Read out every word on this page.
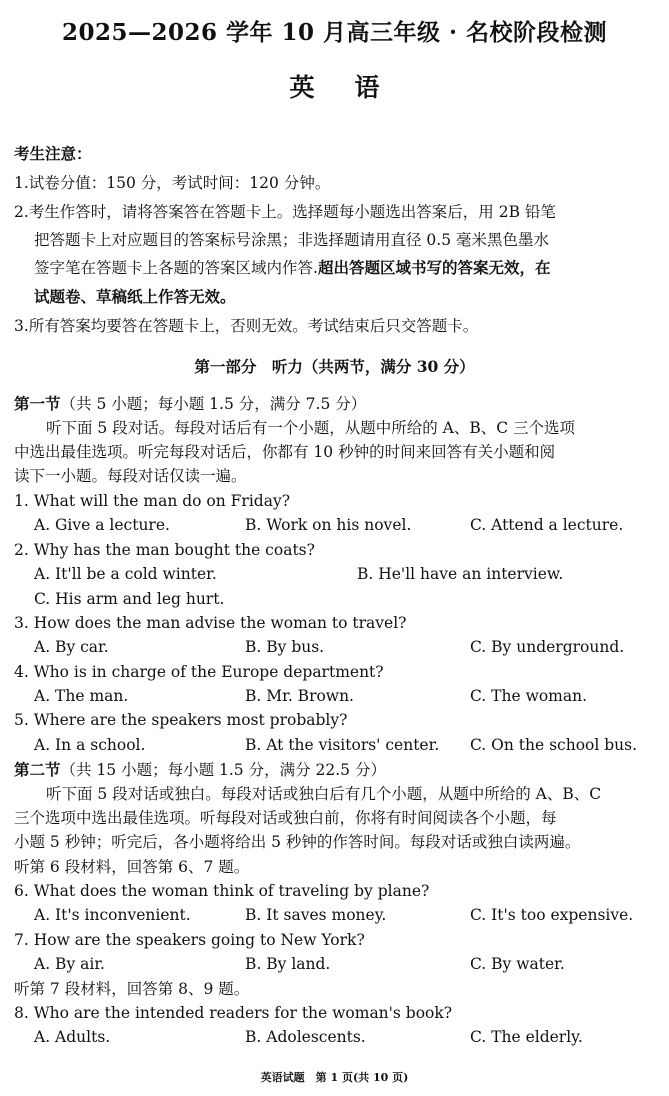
2025—2026 学年 10 月高三年级 · 名校阶段检测
英语
考生注意：
1.试卷分值：150 分，考试时间：120 分钟。
2.考生作答时，请将答案答在答题卡上。选择题每小题选出答案后，用 2B 铅笔
把答题卡上对应题目的答案标号涂黑；非选择题请用直径 0.5 毫米黑色墨水
签字笔在答题卡上各题的答案区域内作答.超出答题区域书写的答案无效，在
试题卷、草稿纸上作答无效。
3.所有答案均要答在答题卡上，否则无效。考试结束后只交答题卡。
第一部分　听力（共两节，满分 30 分）
第一节（共 5 小题；每小题 1.5 分，满分 7.5 分）
听下面 5 段对话。每段对话后有一个小题，从题中所给的 A、B、C 三个选项
中选出最佳选项。听完每段对话后，你都有 10 秒钟的时间来回答有关小题和阅
读下一小题。每段对话仅读一遍。
1. What will the man do on Friday?
A. Give a lecture.	B. Work on his novel.	C. Attend a lecture.
2. Why has the man bought the coats?
A. It'll be a cold winter.	B. He'll have an interview.
C. His arm and leg hurt.
3. How does the man advise the woman to travel?
A. By car.	B. By bus.	C. By underground.
4. Who is in charge of the Europe department?
A. The man.	B. Mr. Brown.	C. The woman.
5. Where are the speakers most probably?
A. In a school.	B. At the visitors' center. C. On the school bus.
第二节（共 15 小题；每小题 1.5 分，满分 22.5 分）
听下面 5 段对话或独白。每段对话或独白后有几个小题，从题中所给的 A、B、C
三个选项中选出最佳选项。听每段对话或独白前，你将有时间阅读各个小题，每
小题 5 秒钟；听完后，各小题将给出 5 秒钟的作答时间。每段对话或独白读两遍。
听第 6 段材料，回答第 6、7 题。
6. What does the woman think of traveling by plane?
A. It's inconvenient.	B. It saves money.	C. It's too expensive.
7. How are the speakers going to New York?
A. By air.	B. By land.	C. By water.
听第 7 段材料，回答第 8、9 题。
8. Who are the intended readers for the woman's book?
A. Adults.	B. Adolescents.	C. The elderly.
英语试题　第 1 页(共 10 页)
